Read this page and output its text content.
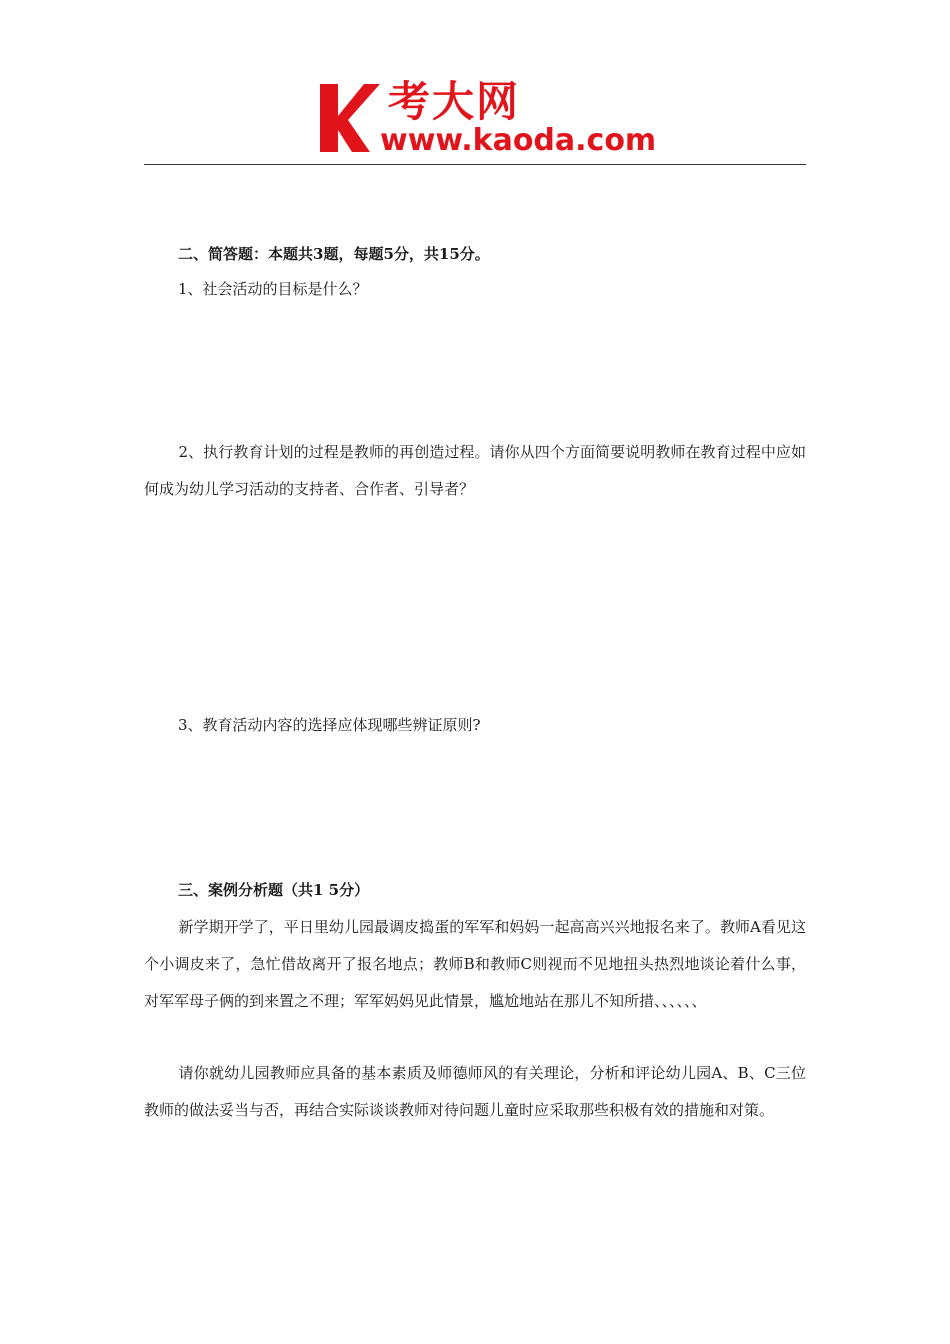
考大网
www.kaoda.com
二、简答题：本题共3题，每题5分，共15分。
1、社会活动的目标是什么？
2、执行教育计划的过程是教师的再创造过程。请你从四个方面简要说明教师在教育过程中应如何成为幼儿学习活动的支持者、合作者、引导者？
3、教育活动内容的选择应体现哪些辨证原则?
三、案例分析题（共1 5分）
新学期开学了，平日里幼儿园最调皮捣蛋的军军和妈妈一起高高兴兴地报名来了。教师A看见这个小调皮来了，急忙借故离开了报名地点；教师B和教师C则视而不见地扭头热烈地谈论着什么事，对军军母子俩的到来置之不理；军军妈妈见此情景，尴尬地站在那儿不知所措、、、、、、
请你就幼儿园教师应具备的基本素质及师德师风的有关理论，分析和评论幼儿园A、B、C三位教师的做法妥当与否，再结合实际谈谈教师对待问题儿童时应采取那些积极有效的措施和对策。
